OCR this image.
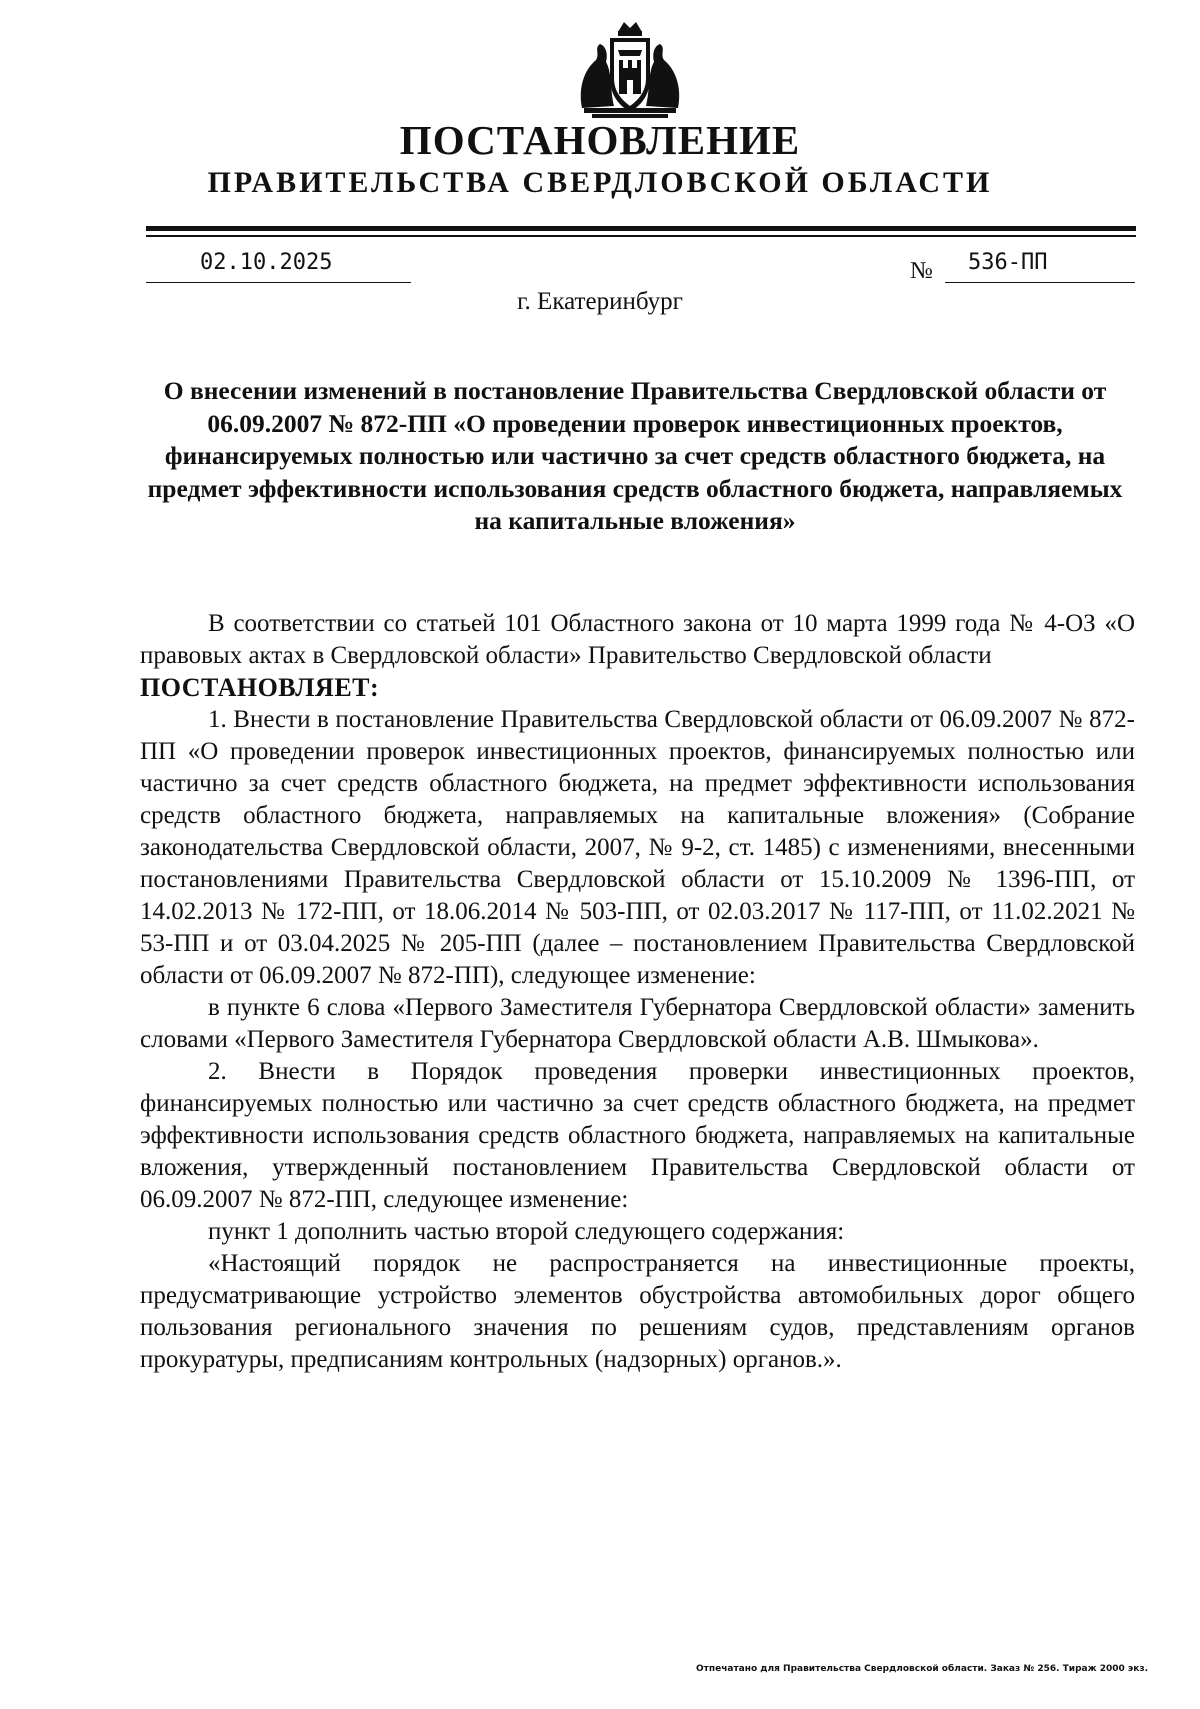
ПОСТАНОВЛЕНИЕ
ПРАВИТЕЛЬСТВА СВЕРДЛОВСКОЙ ОБЛАСТИ
02.10.2025	№ 536-ПП
г. Екатеринбург
О внесении изменений в постановление Правительства Свердловской области от 06.09.2007 № 872-ПП «О проведении проверок инвестиционных проектов, финансируемых полностью или частично за счет средств областного бюджета, на предмет эффективности использования средств областного бюджета, направляемых на капитальные вложения»

В соответствии со статьей 101 Областного закона от 10 марта 1999 года № 4-ОЗ «О правовых актах в Свердловской области» Правительство Свердловской области

ПОСТАНОВЛЯЕТ:

1. Внести в постановление Правительства Свердловской области от 06.09.2007 № 872-ПП «О проведении проверок инвестиционных проектов, финансируемых полностью или частично за счет средств областного бюджета, на предмет эффективности использования средств областного бюджета, направляемых на капитальные вложения» (Собрание законодательства Свердловской области, 2007, № 9-2, ст. 1485) с изменениями, внесенными постановлениями Правительства Свердловской области от 15.10.2009 № 1396-ПП, от 14.02.2013 № 172-ПП, от 18.06.2014 № 503-ПП, от 02.03.2017 № 117-ПП, от 11.02.2021 № 53-ПП и от 03.04.2025 № 205-ПП (далее – постановлением Правительства Свердловской области от 06.09.2007 № 872-ПП), следующее изменение:

в пункте 6 слова «Первого Заместителя Губернатора Свердловской области» заменить словами «Первого Заместителя Губернатора Свердловской области А.В. Шмыкова».

2. Внести в Порядок проведения проверки инвестиционных проектов, финансируемых полностью или частично за счет средств областного бюджета, на предмет эффективности использования средств областного бюджета, направляемых на капитальные вложения, утвержденный постановлением Правительства Свердловской области от 06.09.2007 № 872-ПП, следующее изменение:

пункт 1 дополнить частью второй следующего содержания:

«Настоящий порядок не распространяется на инвестиционные проекты, предусматривающие устройство элементов обустройства автомобильных дорог общего пользования регионального значения по решениям судов, представлениям органов прокуратуры, предписаниям контрольных (надзорных) органов.».

Отпечатано для Правительства Свердловской области. Заказ № 256. Тираж 2000 экз.
